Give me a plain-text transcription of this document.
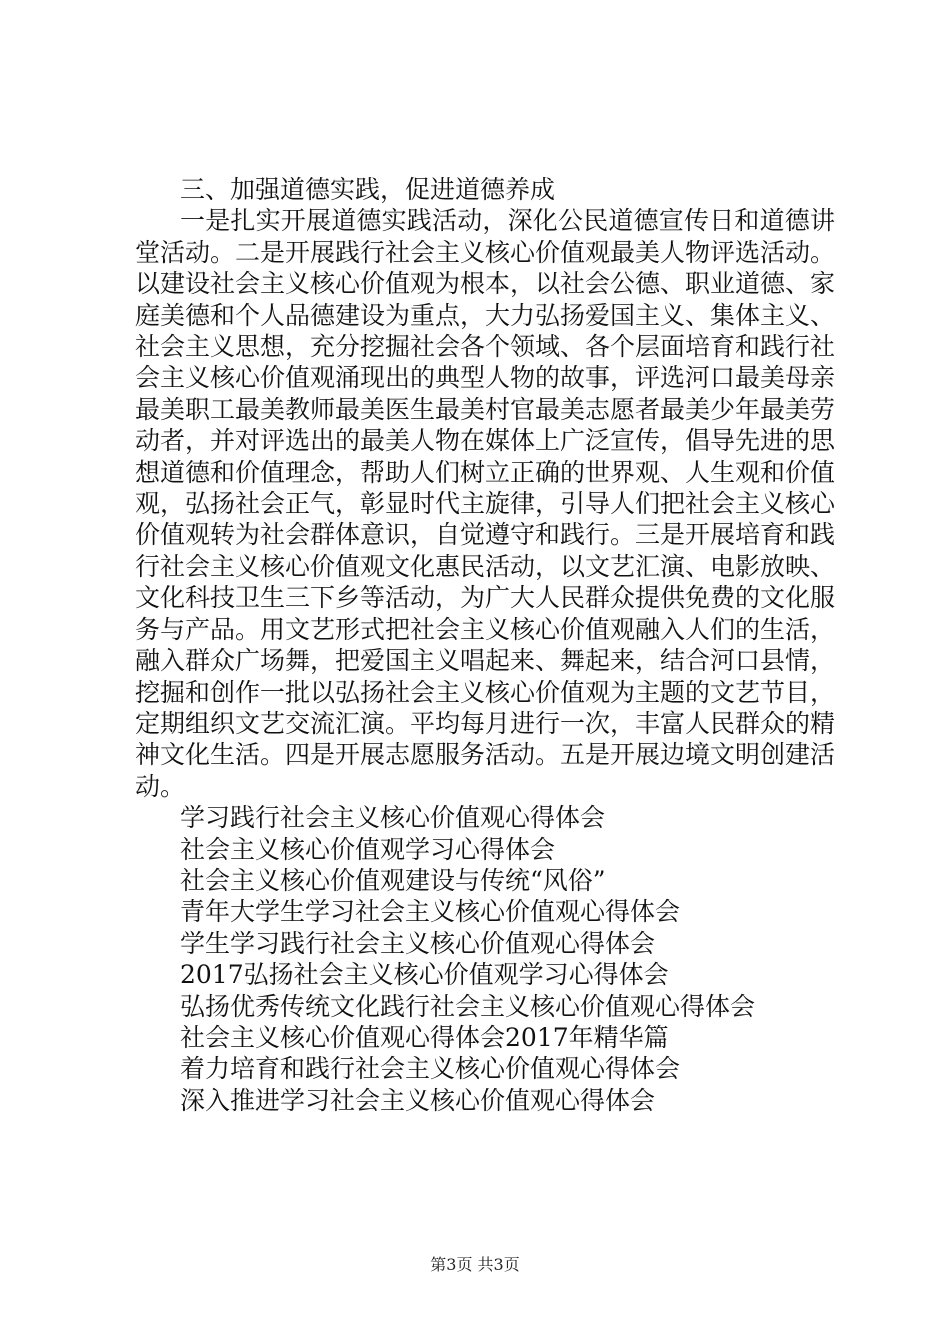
三、加强道德实践，促进道德养成

一是扎实开展道德实践活动，深化公民道德宣传日和道德讲堂活动。二是开展践行社会主义核心价值观最美人物评选活动。以建设社会主义核心价值观为根本，以社会公德、职业道德、家庭美德和个人品德建设为重点，大力弘扬爱国主义、集体主义、社会主义思想，充分挖掘社会各个领域、各个层面培育和践行社会主义核心价值观涌现出的典型人物的故事，评选河口最美母亲最美职工最美教师最美医生最美村官最美志愿者最美少年最美劳动者，并对评选出的最美人物在媒体上广泛宣传，倡导先进的思想道德和价值理念，帮助人们树立正确的世界观、人生观和价值观，弘扬社会正气，彰显时代主旋律，引导人们把社会主义核心价值观转为社会群体意识，自觉遵守和践行。三是开展培育和践行社会主义核心价值观文化惠民活动，以文艺汇演、电影放映、文化科技卫生三下乡等活动，为广大人民群众提供免费的文化服务与产品。用文艺形式把社会主义核心价值观融入人们的生活，融入群众广场舞，把爱国主义唱起来、舞起来，结合河口县情，挖掘和创作一批以弘扬社会主义核心价值观为主题的文艺节目，定期组织文艺交流汇演。平均每月进行一次，丰富人民群众的精神文化生活。四是开展志愿服务活动。五是开展边境文明创建活动。

学习践行社会主义核心价值观心得体会
社会主义核心价值观学习心得体会
社会主义核心价值观建设与传统“风俗”
青年大学生学习社会主义核心价值观心得体会
学生学习践行社会主义核心价值观心得体会
2017弘扬社会主义核心价值观学习心得体会
弘扬优秀传统文化践行社会主义核心价值观心得体会
社会主义核心价值观心得体会2017年精华篇
着力培育和践行社会主义核心价值观心得体会
深入推进学习社会主义核心价值观心得体会
第3页 共3页
